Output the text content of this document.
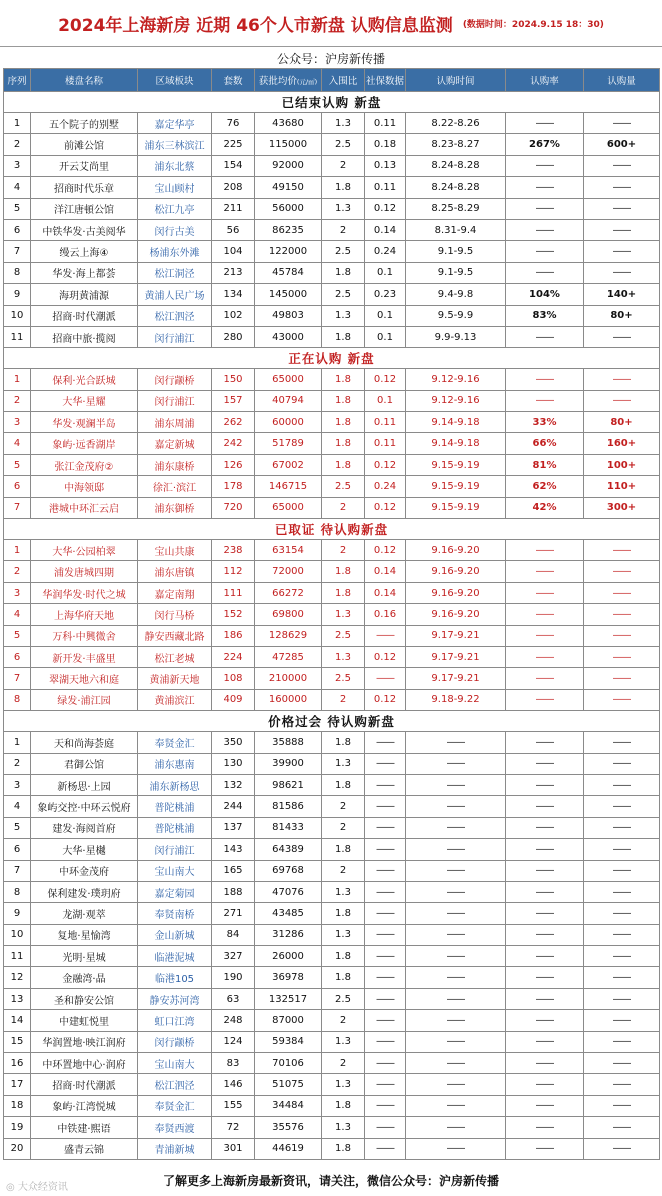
2024年上海新房 近期 46个人市新盘 认购信息监测 (数据时间：2024.9.15 18：30)
公众号：沪房新传播
序列	楼盘名称	区域板块	套数	获批均价(元/㎡)	入围比	社保数据	认购时间	认购率	认购量
已结束认购 新盘									
1	五个院子的别墅	嘉定华亭	76	43680	1.3	0.11	8.22-8.26	——	——
2	前滩公馆	浦东三林滨江	225	115000	2.5	0.18	8.23-8.27	267%	600+
3	开云艾尚里	浦东北蔡	154	92000	2	0.13	8.24-8.28	——	——
4	招商时代乐章	宝山顾村	208	49150	1.8	0.11	8.24-8.28	——	——
5	洋江唐頓公馆	松江九亭	211	56000	1.3	0.12	8.25-8.29	——	——
6	中铁华发·古美阅华	闵行古美	56	86235	2	0.14	8.31-9.4	——	——
7	缦云上海④	杨浦东外滩	104	122000	2.5	0.24	9.1-9.5	——	——
8	华发·海上都荟	松江洞泾	213	45784	1.8	0.1	9.1-9.5	——	——
9	海玥黄浦源	黄浦人民广场	134	145000	2.5	0.23	9.4-9.8	104%	140+
10	招商·时代潮派	松江泗泾	102	49803	1.3	0.1	9.5-9.9	83%	80+
11	招商中旅·揽阅	闵行浦江	280	43000	1.8	0.1	9.9-9.13	——	——
正在认购 新盘									
1	保利·光合跃城	闵行颛桥	150	65000	1.8	0.12	9.12-9.16	——	——
2	大华·星耀	闵行浦江	157	40794	1.8	0.1	9.12-9.16	——	——
3	华发·观澜半岛	浦东周浦	262	60000	1.8	0.11	9.14-9.18	33%	80+
4	象屿·远香湖岸	嘉定新城	242	51789	1.8	0.11	9.14-9.18	66%	160+
5	张江金茂府②	浦东康桥	126	67002	1.8	0.12	9.15-9.19	81%	100+
6	中海领邸	徐汇·滨江	178	146715	2.5	0.24	9.15-9.19	62%	110+
7	港城中环汇云启	浦东御桥	720	65000	2	0.12	9.15-9.19	42%	300+
已取证 待认购新盘									
1	大华·公园柏翠	宝山共康	238	63154	2	0.12	9.16-9.20	——	——
2	浦发唐城四期	浦东唐镇	112	72000	1.8	0.14	9.16-9.20	——	——
3	华润华发·时代之城	嘉定南翔	111	66272	1.8	0.14	9.16-9.20	——	——
4	上海华府天地	闵行马桥	152	69800	1.3	0.16	9.16-9.20	——	——
5	万科·中興微舍	静安西藏北路	186	128629	2.5	——	9.17-9.21	——	——
6	新开发·丰盛里	松江老城	224	47285	1.3	0.12	9.17-9.21	——	——
7	翠湖天地六和庭	黄浦新天地	108	210000	2.5	——	9.17-9.21	——	——
8	绿发·浦江园	黄浦滨江	409	160000	2	0.12	9.18-9.22	——	——
价格过会 待认购新盘									
1	天和尚海荟庭	奉贤金汇	350	35888	1.8	——	——	——	——
2	君御公馆	浦东惠南	130	39900	1.3	——	——	——	——
3	新杨思·上园	浦东新杨思	132	98621	1.8	——	——	——	——
4	象屿交控·中环云悦府	普陀桃浦	244	81586	2	——	——	——	——
5	建发·海阅首府	普陀桃浦	137	81433	2	——	——	——	——
6	大华·星樾	闵行浦江	143	64389	1.8	——	——	——	——
7	中环金茂府	宝山南大	165	69768	2	——	——	——	——
8	保利建发·璞玥府	嘉定菊园	188	47076	1.3	——	——	——	——
9	龙湖·观萃	奉贤南桥	271	43485	1.8	——	——	——	——
10	复地·星愉湾	金山新城	84	31286	1.3	——	——	——	——
11	光明·星城	临港泥城	327	26000	1.8	——	——	——	——
12	金融湾·晶	临港105	190	36978	1.8	——	——	——	——
13	圣和静安公馆	静安苏河湾	63	132517	2.5	——	——	——	——
14	中建虹悦里	虹口江湾	248	87000	2	——	——	——	——
15	华润置地·映江润府	闵行颛桥	124	59384	1.3	——	——	——	——
16	中环置地中心·润府	宝山南大	83	70106	2	——	——	——	——
17	招商·时代潮派	松江泗泾	146	51075	1.3	——	——	——	——
18	象屿·江湾悦城	奉贤金汇	155	34484	1.8	——	——	——	——
19	中铁建·熙语	奉贤西渡	72	35576	1.3	——	——	——	——
20	盛青云锦	青浦新城	301	44619	1.8	——	——	——	——
了解更多上海新房最新资讯，请关注，微信公众号：沪房新传播
◎ 大众经资讯
